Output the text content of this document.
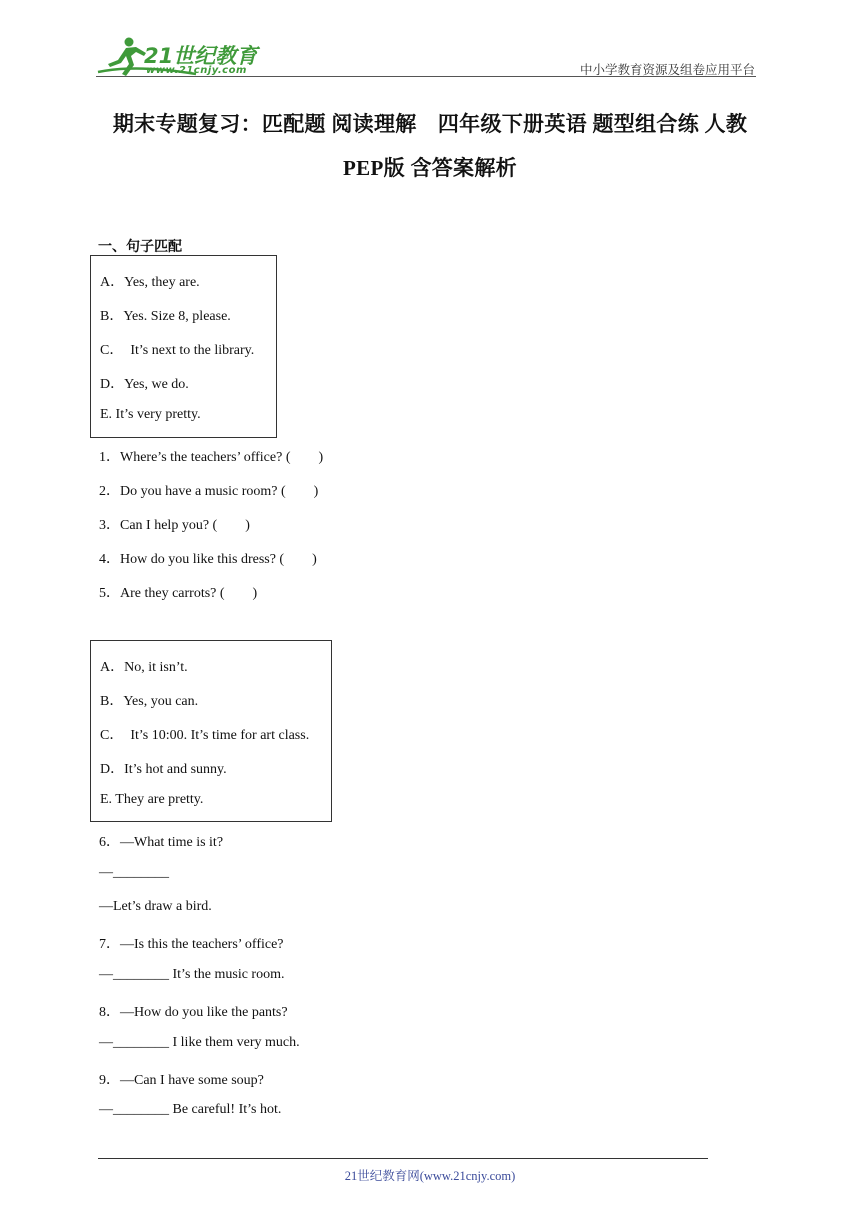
21世纪教育
www.21cnjy.com	中小学教育资源及组卷应用平台
期末专题复习：匹配题 阅读理解　四年级下册英语 题型组合练 人教
PEP版 含答案解析
一、句子匹配
A．Yes, they are.
B．Yes. Size 8, please.
C．  It’s next to the library.
D．Yes, we do.
E. It’s very pretty.
1．Where’s the teachers’ office? (        )
2．Do you have a music room? (        )
3．Can I help you? (        )
4．How do you like this dress? (        )
5．Are they carrots? (        )
A．No, it isn’t.
B．Yes, you can.
C．  It’s 10:00. It’s time for art class.
D．It’s hot and sunny.
E. They are pretty.
6．—What time is it?
—________
—Let’s draw a bird.
7．—Is this the teachers’ office?
—________ It’s the music room.
8．—How do you like the pants?
—________ I like them very much.
9．—Can I have some soup?
—________ Be careful! It’s hot.
21世纪教育网(www.21cnjy.com)
